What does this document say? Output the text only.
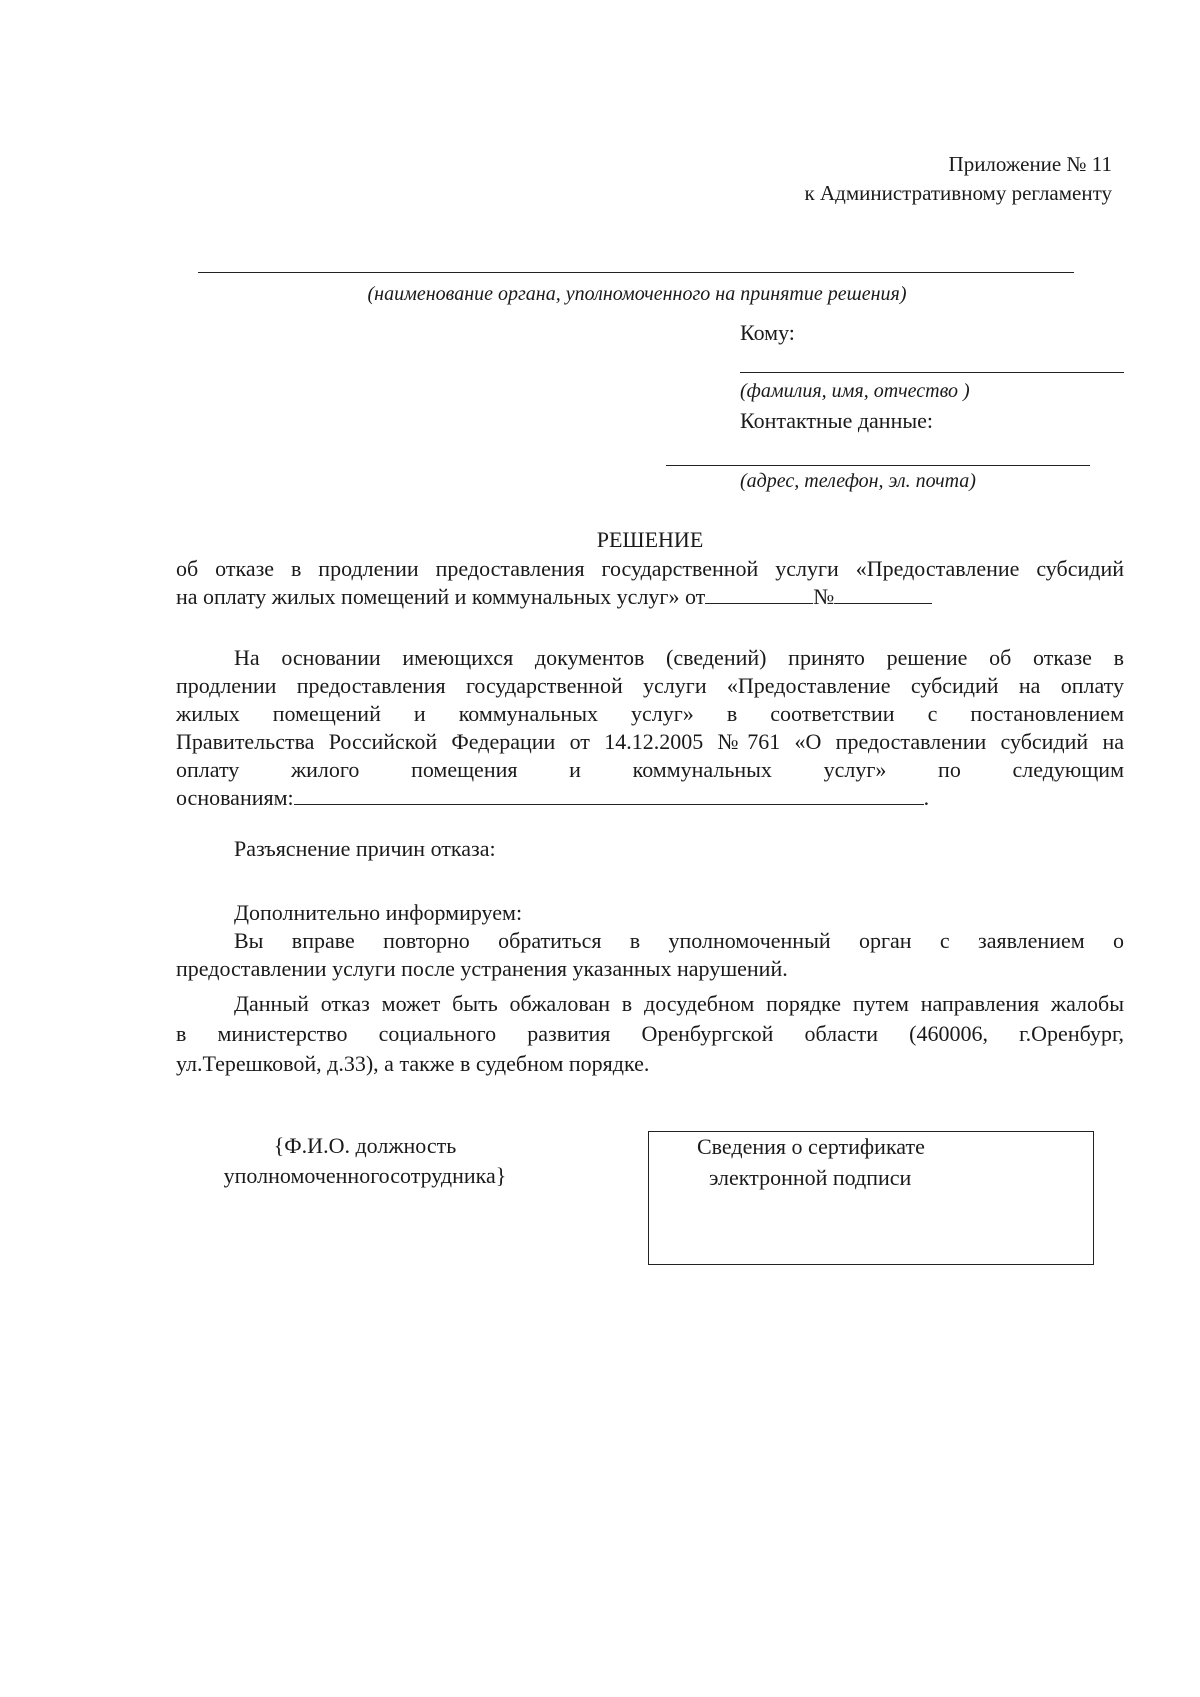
Приложение № 11
к Административному регламенту
(наименование органа, уполномоченного на принятие решения)
Кому:
(фамилия, имя, отчество )
Контактные данные:
(адрес, телефон, эл. почта)
РЕШЕНИЕ
об отказе в продлении предоставления государственной услуги «Предоставление субсидий
на оплату жилых помещений и коммунальных услуг» от	№
На основании имеющихся документов (сведений) принято решение об отказе в
продлении предоставления государственной услуги «Предоставление субсидий на оплату
жилых помещений и коммунальных услуг» в соответствии с постановлением
Правительства Российской Федерации от 14.12.2005 №761 «О предоставлении субсидий на
оплату жилого помещения и коммунальных услуг» по следующим
основаниям:	.
Разъяснение причин отказа:
Дополнительно информируем:
Вы вправе повторно обратиться в уполномоченный орган с заявлением о
предоставлении услуги после устранения указанных нарушений.
Данный отказ может быть обжалован в досудебном порядке путем направления жалобы
в министерство социального развития Оренбургской области (460006, г.Оренбург,
ул.Терешковой, д.33), а также в судебном порядке.
{Ф.И.О. должность
уполномоченногосотрудника}
Сведения о сертификате
электронной подписи
